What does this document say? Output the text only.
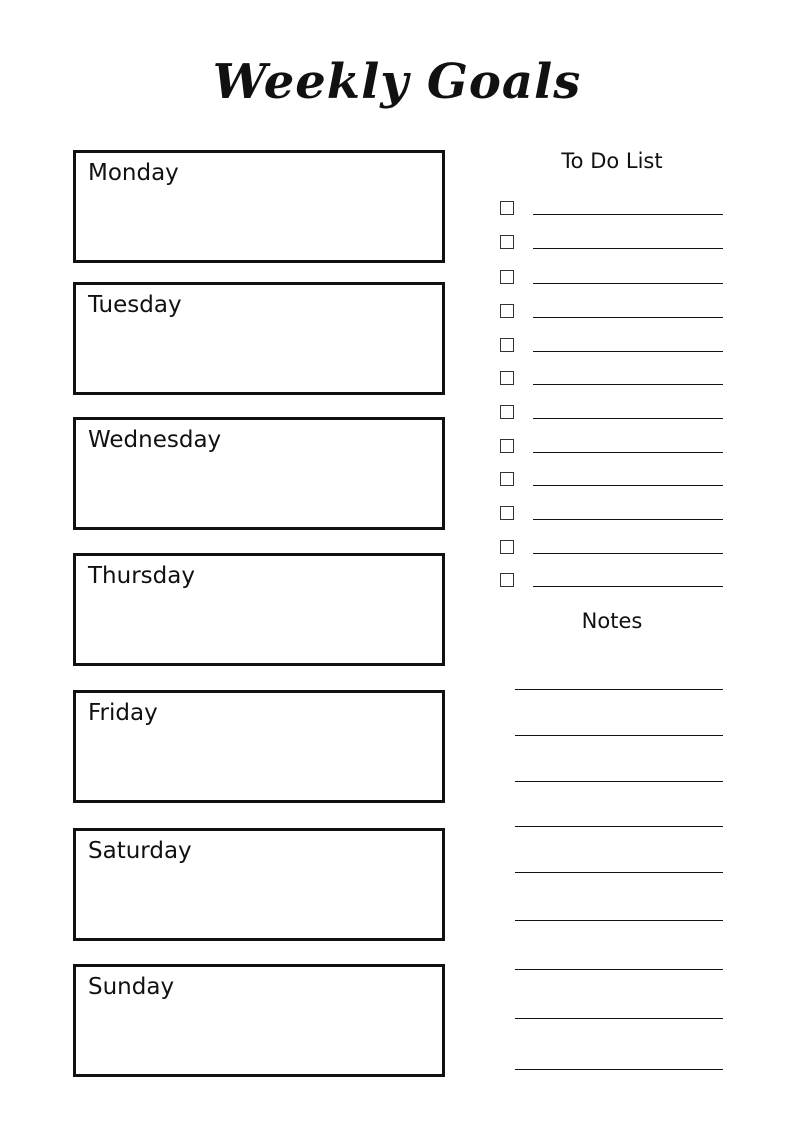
Weekly Goals
Monday
Tuesday
Wednesday
Thursday
Friday
Saturday
Sunday
To Do List
Notes
